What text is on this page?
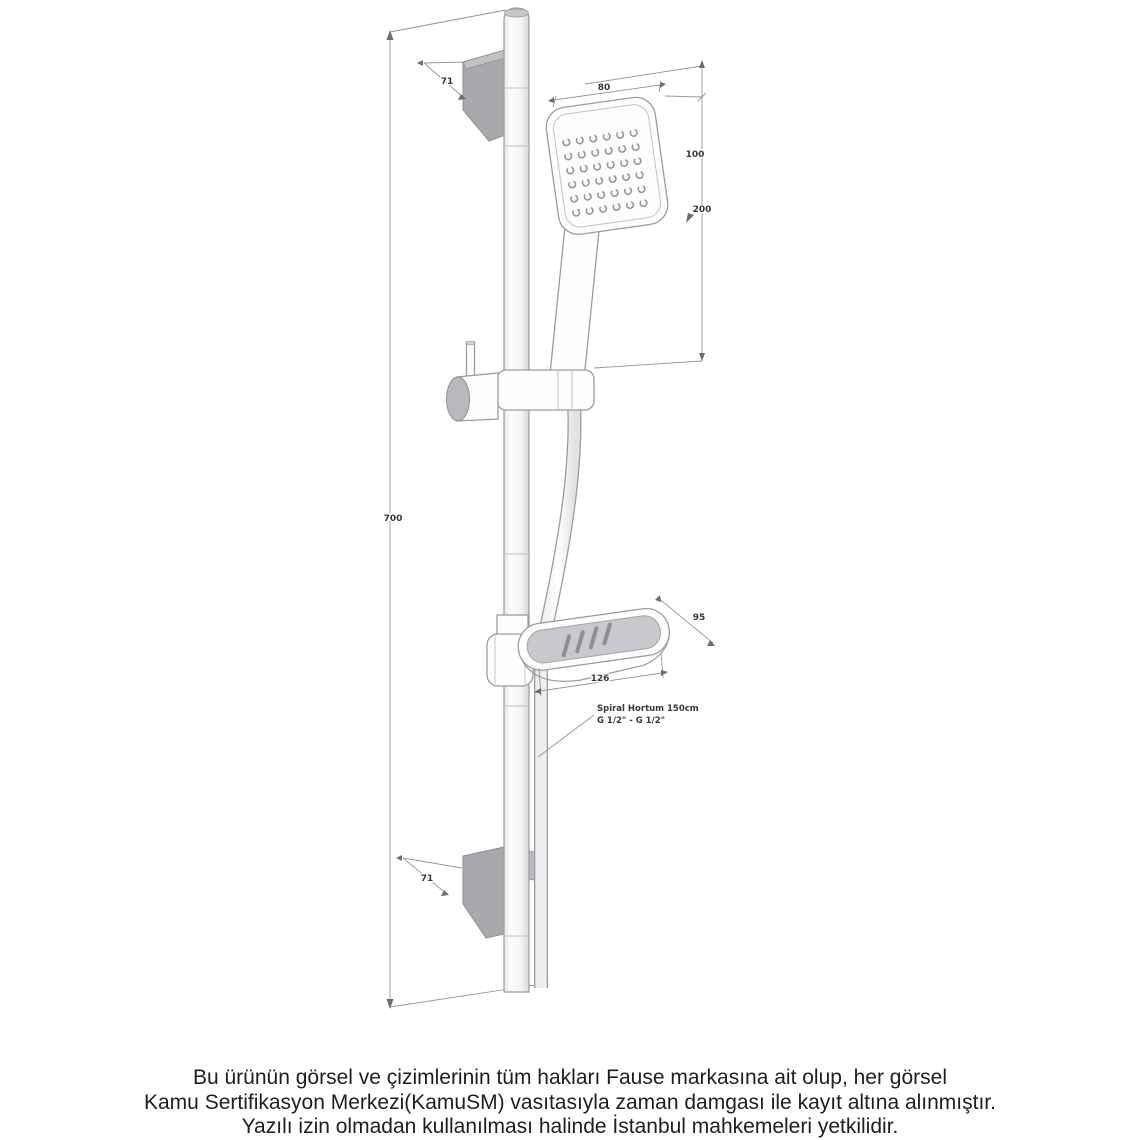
700
71
71
80
100
200
95
126
Spiral Hortum 150cm
G 1/2" - G 1/2"
Bu ürünün görsel ve çizimlerinin tüm hakları Fause markasına ait olup, her görsel
Kamu Sertifikasyon Merkezi(KamuSM) vasıtasıyla zaman damgası ile kayıt altına alınmıştır.
Yazılı izin olmadan kullanılması halinde İstanbul mahkemeleri yetkilidir.
